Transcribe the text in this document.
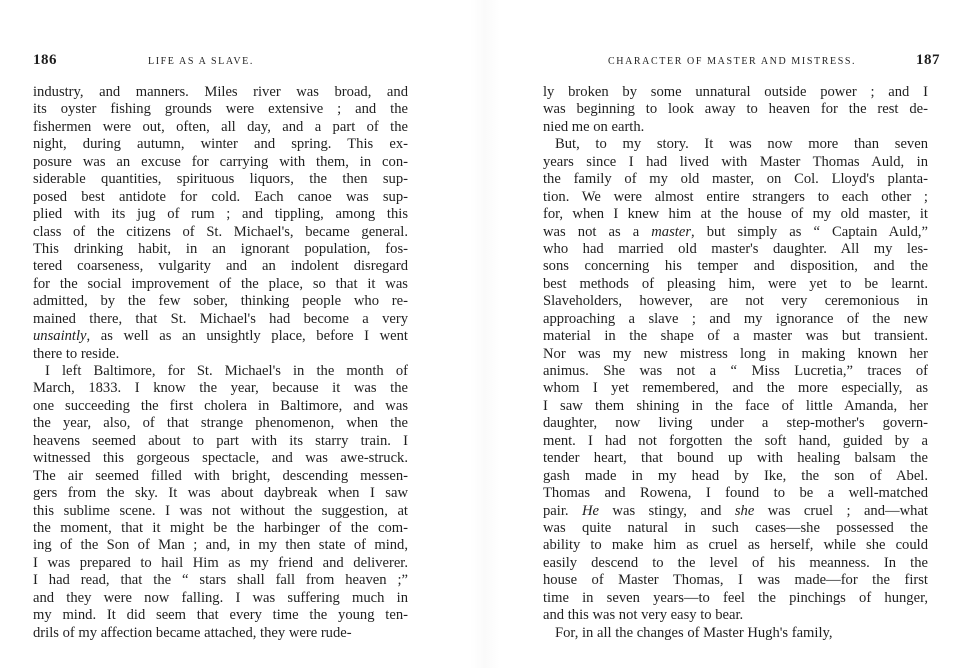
186	LIFE AS A SLAVE.
industry, and manners. Miles river was broad, and
its oyster fishing grounds were extensive ; and the
fishermen were out, often, all day, and a part of the
night, during autumn, winter and spring. This ex-
posure was an excuse for carrying with them, in con-
siderable quantities, spirituous liquors, the then sup-
posed best antidote for cold. Each canoe was sup-
plied with its jug of rum ; and tippling, among this
class of the citizens of St. Michael's, became general.
This drinking habit, in an ignorant population, fos-
tered coarseness, vulgarity and an indolent disregard
for the social improvement of the place, so that it was
admitted, by the few sober, thinking people who re-
mained there, that St. Michael's had become a very
unsaintly, as well as an unsightly place, before I went
there to reside.
I left Baltimore, for St. Michael's in the month of
March, 1833. I know the year, because it was the
one succeeding the first cholera in Baltimore, and was
the year, also, of that strange phenomenon, when the
heavens seemed about to part with its starry train. I
witnessed this gorgeous spectacle, and was awe-struck.
The air seemed filled with bright, descending messen-
gers from the sky. It was about daybreak when I saw
this sublime scene. I was not without the suggestion, at
the moment, that it might be the harbinger of the com-
ing of the Son of Man ; and, in my then state of mind,
I was prepared to hail Him as my friend and deliverer.
I had read, that the “ stars shall fall from heaven ;”
and they were now falling. I was suffering much in
my mind. It did seem that every time the young ten-
drils of my affection became attached, they were rude-
CHARACTER OF MASTER AND MISTRESS.	187
ly broken by some unnatural outside power ; and I
was beginning to look away to heaven for the rest de-
nied me on earth.
But, to my story. It was now more than seven
years since I had lived with Master Thomas Auld, in
the family of my old master, on Col. Lloyd's planta-
tion. We were almost entire strangers to each other ;
for, when I knew him at the house of my old master, it
was not as a master, but simply as “ Captain Auld,”
who had married old master's daughter. All my les-
sons concerning his temper and disposition, and the
best methods of pleasing him, were yet to be learnt.
Slaveholders, however, are not very ceremonious in
approaching a slave ; and my ignorance of the new
material in the shape of a master was but transient.
Nor was my new mistress long in making known her
animus. She was not a “ Miss Lucretia,” traces of
whom I yet remembered, and the more especially, as
I saw them shining in the face of little Amanda, her
daughter, now living under a step-mother's govern-
ment. I had not forgotten the soft hand, guided by a
tender heart, that bound up with healing balsam the
gash made in my head by Ike, the son of Abel.
Thomas and Rowena, I found to be a well-matched
pair. He was stingy, and she was cruel ; and—what
was quite natural in such cases—she possessed the
ability to make him as cruel as herself, while she could
easily descend to the level of his meanness. In the
house of Master Thomas, I was made—for the first
time in seven years—to feel the pinchings of hunger,
and this was not very easy to bear.
For, in all the changes of Master Hugh's family,
